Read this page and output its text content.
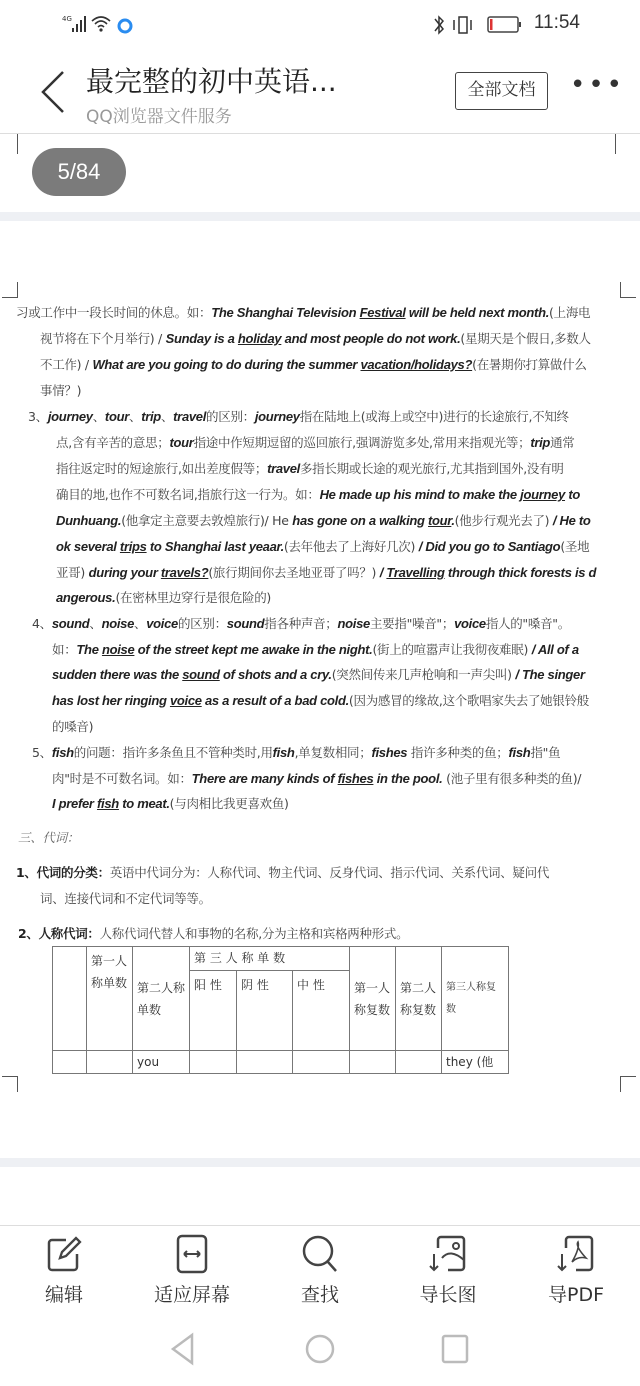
4G	11:54
最完整的初中英语...
QQ浏览器文件服务
全部文档	•••
5/84
习或工作中一段长时间的休息。如：The Shanghai Television Festival will be held next month.(上海电
视节将在下个月举行) / Sunday is a holiday and most people do not work.(星期天是个假日,多数人
不工作) / What are you going to do during the summer vacation/holidays?(在暑期你打算做什么
事情？)
3、journey、tour、trip、travel的区别：journey指在陆地上(或海上或空中)进行的长途旅行,不知终
点,含有辛苦的意思；tour指途中作短期逗留的巡回旅行,强调游览多处,常用来指观光等；trip通常
指往返定时的短途旅行,如出差度假等；travel多指长期或长途的观光旅行,尤其指到国外,没有明
确目的地,也作不可数名词,指旅行这一行为。如：He made up his mind to make the journey to
Dunhuang.(他拿定主意要去敦煌旅行)/ He has gone on a walking tour.(他步行观光去了) / He to
ok several trips to Shanghai last yeaar.(去年他去了上海好几次) / Did you go to Santiago(圣地
亚哥) during your travels?(旅行期间你去圣地亚哥了吗？) / Travelling through thick forests is d
angerous.(在密林里边穿行是很危险的)
4、sound、noise、voice的区别：sound指各种声音；noise主要指"噪音"；voice指人的"嗓音"。
如：The noise of the street kept me awake in the night.(街上的喧嚣声让我彻夜难眠) / All of a
sudden there was the sound of shots and a cry.(突然间传来几声枪响和一声尖叫) / The singer
has lost her ringing voice as a result of a bad cold.(因为感冒的缘故,这个歌唱家失去了她银铃般
的嗓音)
5、fish的问题：指许多条鱼且不管种类时,用fish,单复数相同；fishes 指许多种类的鱼；fish指"鱼
肉"时是不可数名词。如：There are many kinds of fishes in the pool. (池子里有很多种类的鱼)/
I prefer fish to meat.(与肉相比我更喜欢鱼)
三、代词：
1、代词的分类：英语中代词分为：人称代词、物主代词、反身代词、指示代词、关系代词、疑问代
词、连接代词和不定代词等等。
2、人称代词：人称代词代替人和事物的名称,分为主格和宾格两种形式。
	第一人称单数	第二人称单数	第 三 人 称 单 数			第一人称复数	第二人称复数	第三人称复数
			阳 性	阴 性	中 性			
		you						they (他
编辑	适应屏幕	查找	导长图	导PDF
